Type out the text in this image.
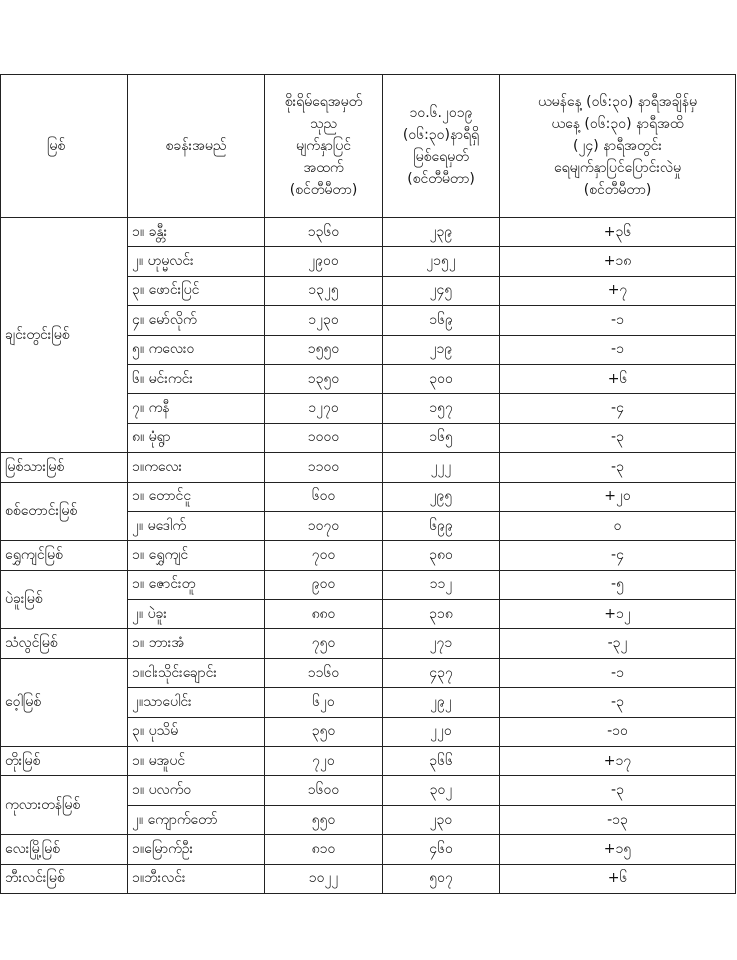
မြစ်	စခန်းအမည်	စိုးရိမ်ရေအမှတ်
သုည
မျက်နှာပြင်
အထက်
(စင်တီမီတာ)	၁၀.၆.၂၀၁၉
(၀၆:၃၀)နာရီရှိ
မြစ်ရေမှတ်
(စင်တီမီတာ)	ယမန်နေ့ (၀၆:၃၀) နာရီအချိန်မှ
ယနေ့ (၀၆:၃၀) နာရီအထိ
(၂၄) နာရီအတွင်း
ရေမျက်နှာပြင်ပြောင်းလဲမှု
(စင်တီမီတာ)

ချင်းတွင်းမြစ်	၁။ ခန္တီး	၁၃၆၀	၂၃၉	+၃၆
	၂။ ဟုမ္မလင်း	၂၉၀၀	၂၁၅၂	+၁၈
	၃။ ဖောင်းပြင်	၁၃၂၅	၂၄၅	+၇
	၄။ မော်လိုက်	၁၂၃၀	၁၆၉	-၁
	၅။ ကလေးဝ	၁၅၅၀	၂၁၉	-၁
	၆။ မင်းကင်း	၁၃၅၀	၃၀၀	+၆
	၇။ ကနီ	၁၂၇၀	၁၅၇	-၄
	၈။ မုံရွာ	၁၀၀၀	၁၆၅	-၃
မြစ်သားမြစ်	၁။ကလေး	၁၁၀၀	၂၂၂	-၃
စစ်တောင်းမြစ်	၁။ တောင်ငူ	၆၀၀	၂၉၅	+၂၀
	၂။ မဒေါက်	၁၀၇၀	၆၉၉	၀
ရွှေကျင်မြစ်	၁။ ရွှေကျင်	၇၀၀	၃၈၀	-၄
ပဲခူးမြစ်	၁။ ဇောင်းတူ	၉၀၀	၁၁၂	-၅
	၂။ ပဲခူး	၈၈၀	၃၁၈	+၁၂
သံလွင်မြစ်	၁။ ဘားအံ	၇၅၀	၂၇၁	-၃၂
ဝေ့ါမြစ်	၁။ငါးသိုင်းချောင်း	၁၁၆၀	၄၃၇	-၁
	၂။သာပေါင်း	၆၂၀	၂၉၂	-၃
	၃။ ပုသိမ်	၃၅၀	၂၂၀	-၁၀
တိုးမြစ်	၁။ မအူပင်	၇၂၀	၃၆၆	+၁၇
ကုလားတန်မြစ်	၁။ ပလက်ဝ	၁၆၀၀	၃၀၂	-၃
	၂။ ကျောက်တော်	၅၅၀	၂၃၀	-၁၃
လေးမြို့မြစ်	၁။မြောက်ဦး	၈၁၀	၄၆၀	+၁၅
ဘီးလင်းမြစ်	၁။ဘီးလင်း	၁၀၂၂	၅၀၇	+၆
